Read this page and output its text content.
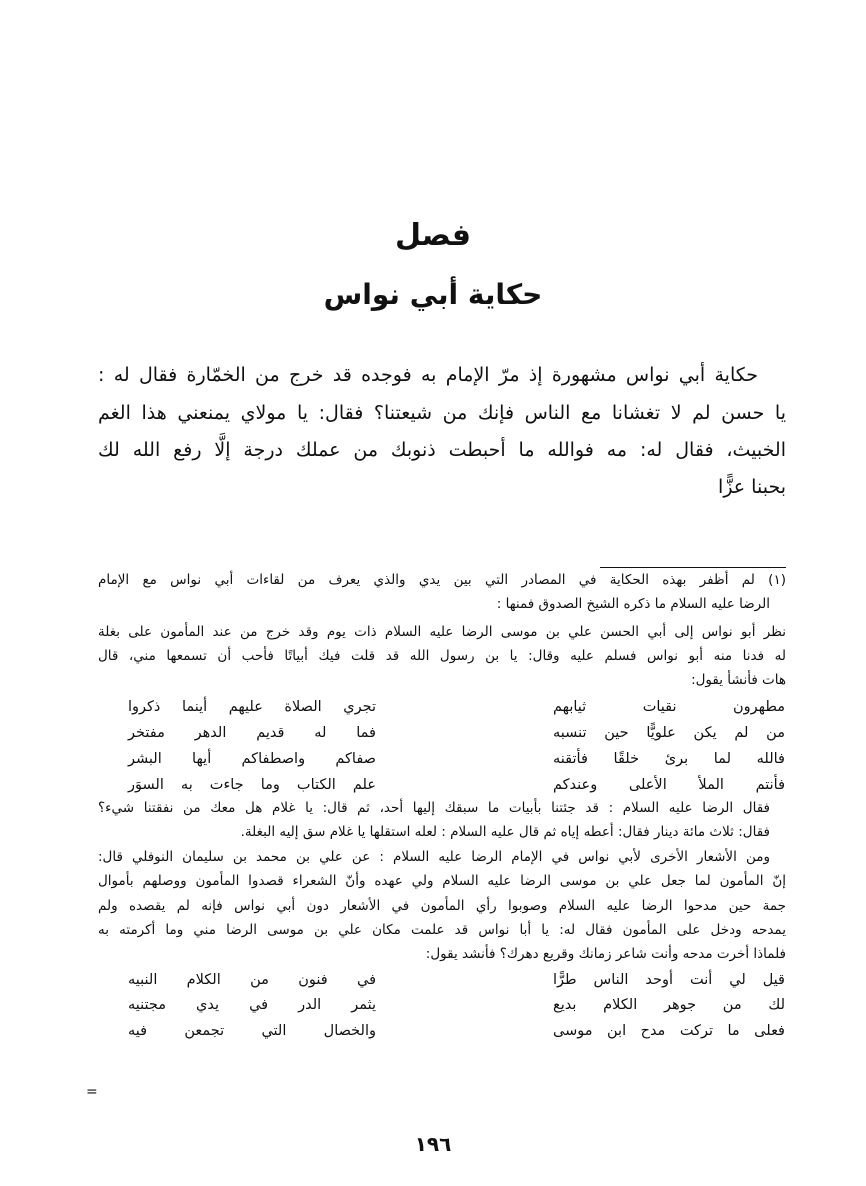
فصل
حكاية أبي نواس
حكاية أبي نواس مشهورة إذ مرّ الإمام به فوجده قد خرج من الخمّارة فقال له :
يا حسن لم لا تغشانا مع الناس فإنك من شيعتنا؟ فقال: يا مولاي يمنعني هذا الغم
الخبيث، فقال له: مه فوالله ما أحبطت ذنوبك من عملك درجة إلَّا رفع الله لك
بحبنا عزًّا
(١) لم أظفر بهذه الحكاية في المصادر التي بين يدي والذي يعرف من لقاءات أبي نواس مع الإمام
الرضا عليه السلام ما ذكره الشيخ الصدوق فمنها :
نظر أبو نواس إلى أبي الحسن علي بن موسى الرضا عليه السلام ذات يوم وقد خرج من عند المأمون على بغلة
له فدنا منه أبو نواس فسلم عليه وقال: يا بن رسول الله قد قلت فيك أبياتًا فأحب أن تسمعها مني، قال
هات فأنشأ يقول:
مطهرون نقيات ثيابهم
تجري الصلاة عليهم أينما ذكروا
من لم يكن علويًّا حين تنسبه
فما له قديم الدهر مفتخر
فالله لما برئ خلقًا فأتقنه
صفاكم واصطفاكم أيها البشر
فأنتم الملأ الأعلى وعندكم
علم الكتاب وما جاءت به السوَر
فقال الرضا عليه السلام : قد جئتنا بأبيات ما سبقك إليها أحد، ثم قال: يا غلام هل معك من نفقتنا شيء؟
فقال: ثلاث مائة دينار فقال: أعطه إياه ثم قال عليه السلام : لعله استقلها يا غلام سق إليه البغلة.
ومن الأشعار الأخرى لأبي نواس في الإمام الرضا عليه السلام : عن علي بن محمد بن سليمان النوفلي قال:
إنّ المأمون لما جعل علي بن موسى الرضا عليه السلام ولي عهده وأنّ الشعراء قصدوا المأمون ووصلهم بأموال
جمة حين مدحوا الرضا عليه السلام وصوبوا رأي المأمون في الأشعار دون أبي نواس فإنه لم يقصده ولم
يمدحه ودخل على المأمون فقال له: يا أبا نواس قد علمت مكان علي بن موسى الرضا مني وما أكرمته به
فلماذا أخرت مدحه وأنت شاعر زمانك وقريع دهرك؟ فأنشد يقول:
قيل لي أنت أوحد الناس طرًّا
في فنون من الكلام النبيه
لك من جوهر الكلام بديع
يثمر الدر في يدي مجتنيه
فعلى ما تركت مدح ابن موسى
والخصال التي تجمعن فيه
=
١٩٦
